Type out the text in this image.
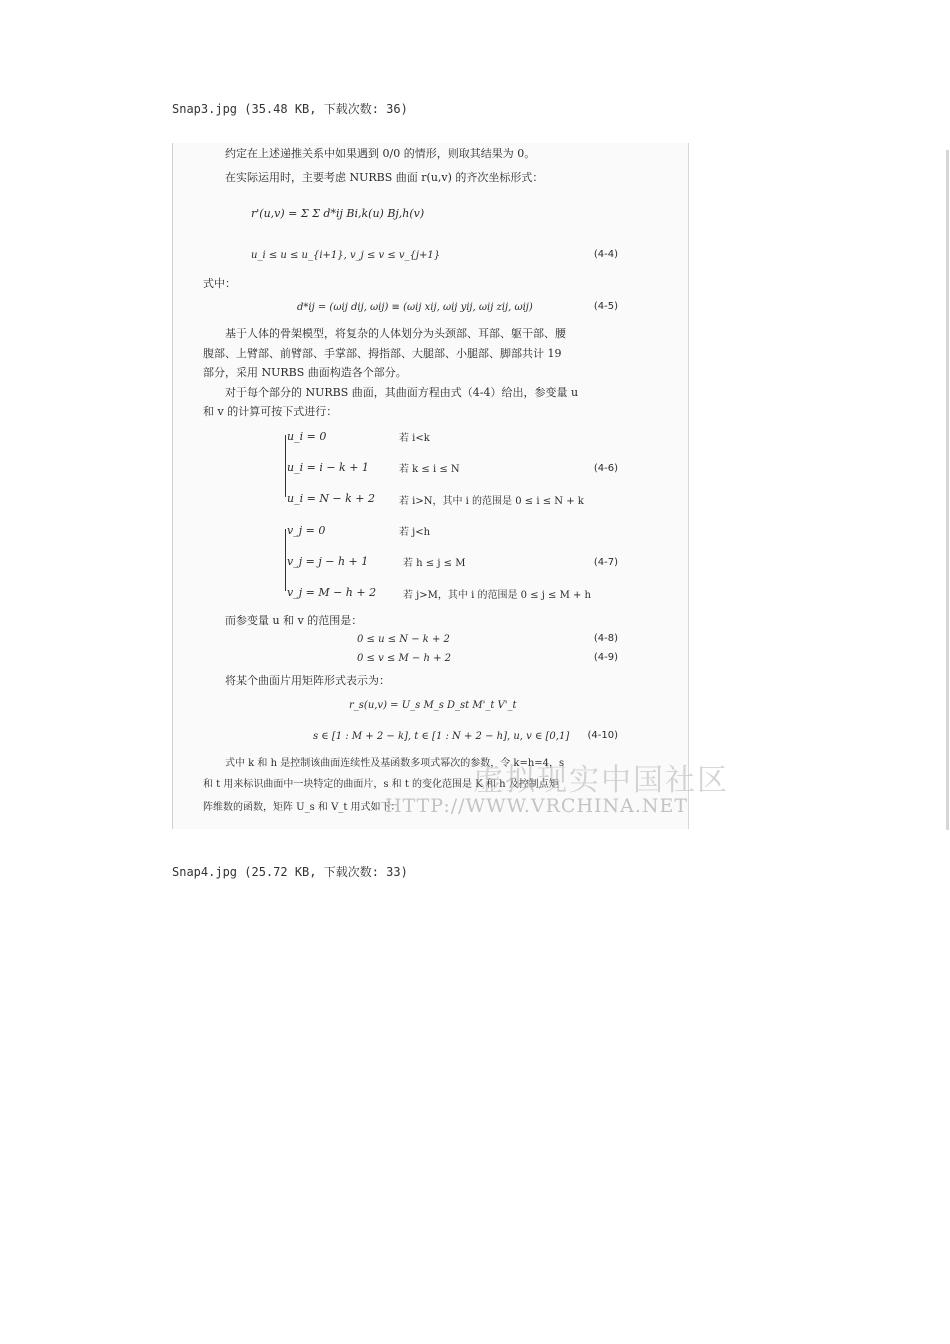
Snap3.jpg (35.48 KB, 下载次数: 36)
约定在上述递推关系中如果遇到 0/0 的情形，则取其结果为 0。
在实际运用时，主要考虑 NURBS 曲面 r(u,v) 的齐次坐标形式：
r'(u,v) = Σ Σ d*ij Bi,k(u) Bj,h(v)
u_i ≤ u ≤ u_{i+1}, v_j ≤ v ≤ v_{j+1}	(4-4)
式中：
d*ij = (ωij dij, ωij) ≡ (ωij xij, ωij yij, ωij zij, ωij)	(4-5)
基于人体的骨架模型，将复杂的人体划分为头颈部、耳部、躯干部、腰
腹部、上臂部、前臂部、手掌部、拇指部、大腿部、小腿部、脚部共计 19
部分，采用 NURBS 曲面构造各个部分。
对于每个部分的 NURBS 曲面，其曲面方程由式（4-4）给出，参变量 u
和 v 的计算可按下式进行：
u_i = 0	若 i<k
u_i = i − k + 1	若 k ≤ i ≤ N	(4-6)
u_i = N − k + 2 若 i>N，其中 i 的范围是 0 ≤ i ≤ N + k
v_j = 0	若 j<h
v_j = j − h + 1	若 h ≤ j ≤ M	(4-7)
v_j = M − h + 2	若 j>M，其中 i 的范围是 0 ≤ j ≤ M + h
而参变量 u 和 v 的范围是：
0 ≤ u ≤ N − k + 2	(4-8)
0 ≤ v ≤ M − h + 2	(4-9)
将某个曲面片用矩阵形式表示为：
r_s(u,v) = U_s M_s D_st M'_t V'_t
s ∈ [1 : M + 2 − k], t ∈ [1 : N + 2 − h], u, v ∈ [0,1] (4-10)
式中 k 和 h 是控制该曲面连续性及基函数多项式幂次的参数，令 k=h=4，s
和 t 用来标识曲面中一块特定的曲面片，s 和 t 的变化范围是 K 和 h 及控制点矩
阵维数的函数，矩阵 U_s 和 V_t 用式如下：
虚拟现实中国社区
HTTP://WWW.VRCHINA.NET
Snap4.jpg (25.72 KB, 下载次数: 33)
